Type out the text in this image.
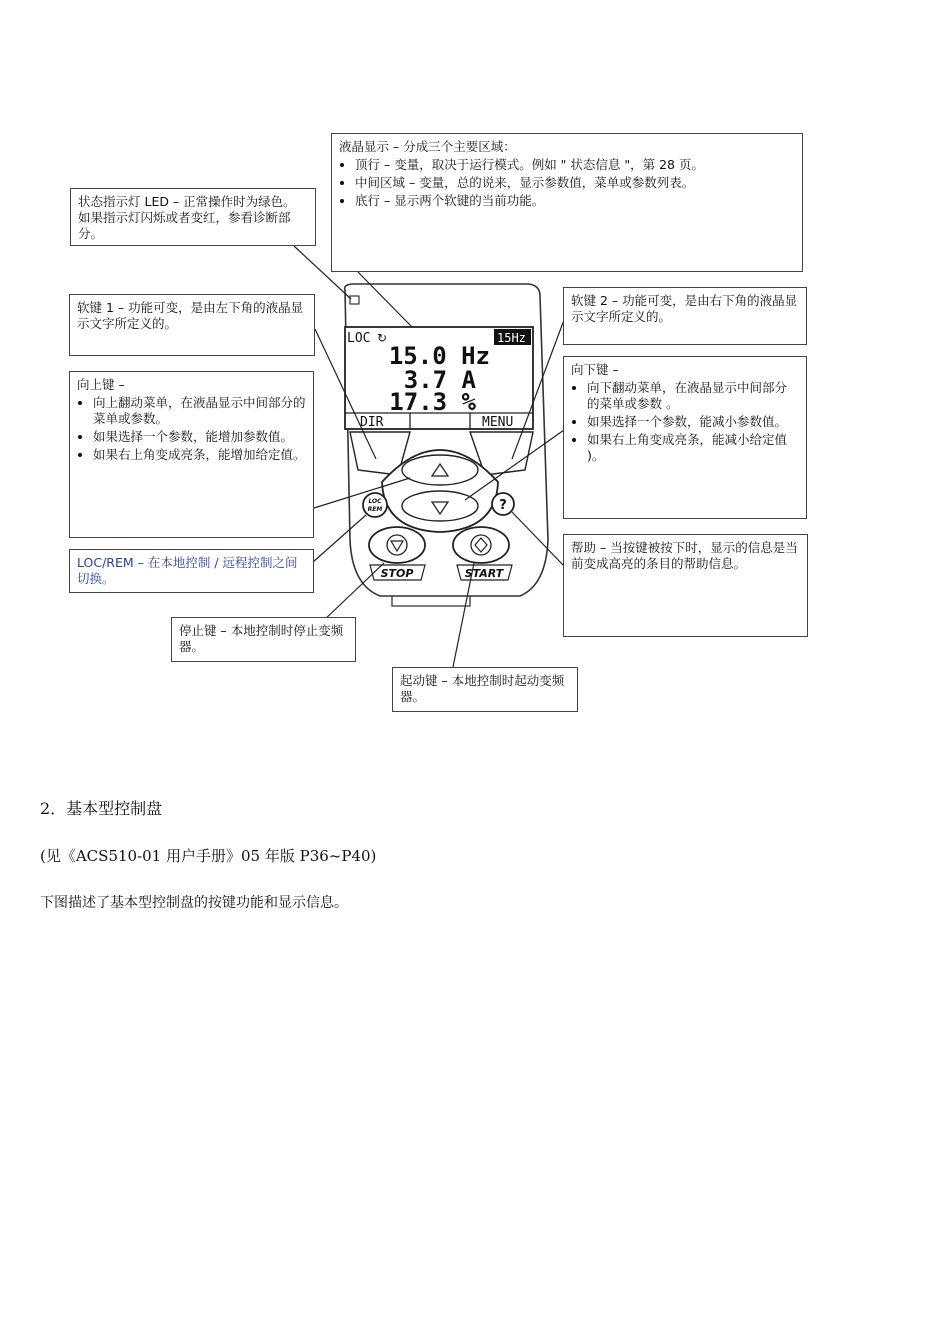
LOC ↻	15Hz
15.0 Hz
3.7 A
17.3 %
DIR	MENU
LOC
REM	?
STOP	START
液晶显示 – 分成三个主要区域：
• 顶行 – 变量，取决于运行模式。例如 " 状态信息 "，第 28 页。
• 中间区域 – 变量，总的说来，显示参数值，菜单或参数列表。
• 底行 – 显示两个软键的当前功能。
状态指示灯 LED – 正常操作时为绿色。如果指示灯闪烁或者变红，参看诊断部分。
软键 1 – 功能可变，是由左下角的液晶显示文字所定义的。
软键 2 – 功能可变，是由右下角的液晶显示文字所定义的。
向上键 –
• 向上翻动菜单，在液晶显示中间部分的菜单或参数。
• 如果选择一个参数，能增加参数值。
• 如果右上角变成亮条，能增加给定值。
向下键 –
• 向下翻动菜单，在液晶显示中间部分的菜单或参数 。
• 如果选择一个参数，能减小参数值。
• 如果右上角变成亮条，能减小给定值 )。
LOC/REM – 在本地控制 / 远程控制之间切换。
帮助 – 当按键被按下时，显示的信息是当前变成高亮的条目的帮助信息。
停止键 – 本地控制时停止变频器。
起动键 – 本地控制时起动变频器。
2．基本型控制盘
(见《ACS510-01 用户手册》05 年版 P36~P40)
下图描述了基本型控制盘的按键功能和显示信息。
